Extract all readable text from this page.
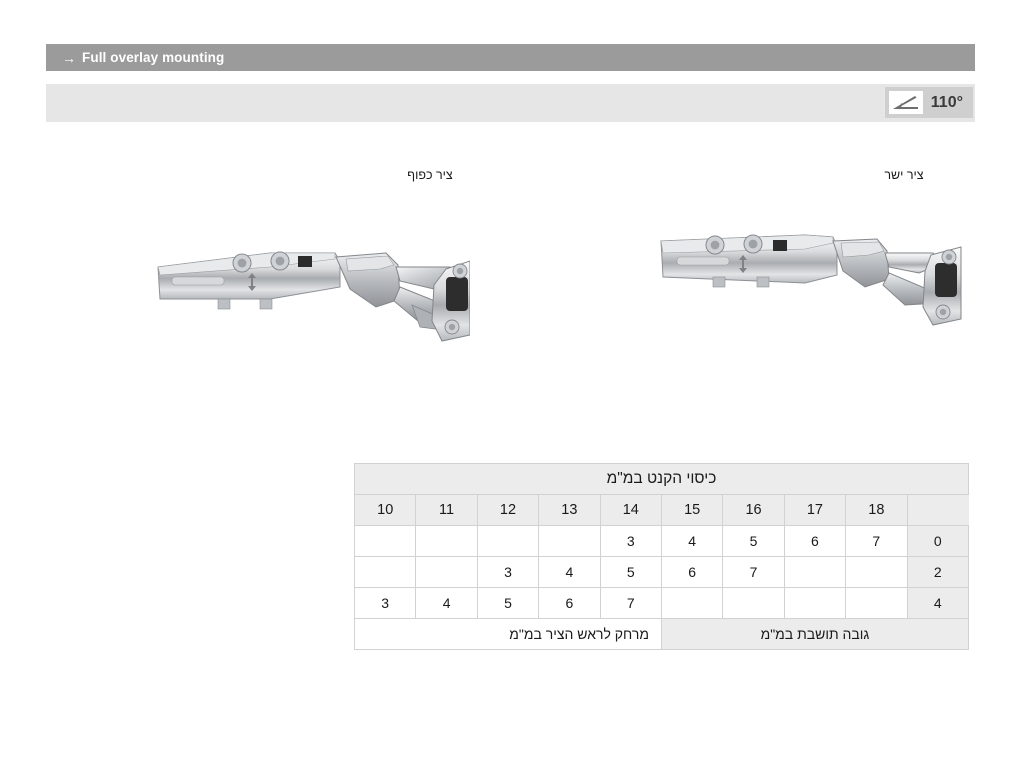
→ Full overlay mounting
110°
ציר כפוף	ציר ישר
כיסוי הקנט במ"מ									
10	11	12	13	14	15	16	17	18	
				3	4	5	6	7	0
		3	4	5	6	7			2
3	4	5	6	7					4
מרחק לראש הציר במ"מ					גובה תושבת במ"מ				
